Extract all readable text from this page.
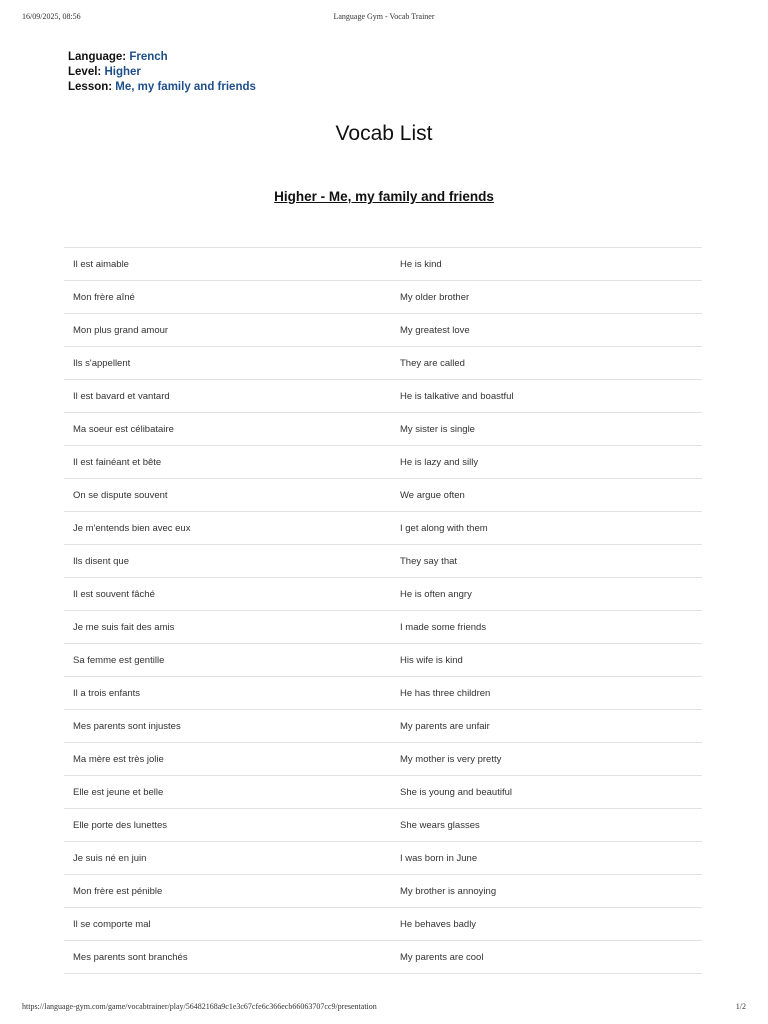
16/09/2025, 08:56	Language Gym - Vocab Trainer
Language: French
Level: Higher
Lesson: Me, my family and friends
Vocab List
Higher - Me, my family and friends
Il est aimable	He is kind
Mon frère aîné	My older brother
Mon plus grand amour	My greatest love
Ils s'appellent	They are called
Il est bavard et vantard	He is talkative and boastful
Ma soeur est célibataire	My sister is single
Il est fainéant et bête	He is lazy and silly
On se dispute souvent	We argue often
Je m'entends bien avec eux	I get along with them
Ils disent que	They say that
Il est souvent fâché	He is often angry
Je me suis fait des amis	I made some friends
Sa femme est gentille	His wife is kind
Il a trois enfants	He has three children
Mes parents sont injustes	My parents are unfair
Ma mère est très jolie	My mother is very pretty
Elle est jeune et belle	She is young and beautiful
Elle porte des lunettes	She wears glasses
Je suis né en juin	I was born in June
Mon frère est pénible	My brother is annoying
Il se comporte mal	He behaves badly
Mes parents sont branchés	My parents are cool
https://language-gym.com/game/vocabtrainer/play/56482168a9c1e3c67cfe6c366ecb66063707cc9/presentation	1/2
